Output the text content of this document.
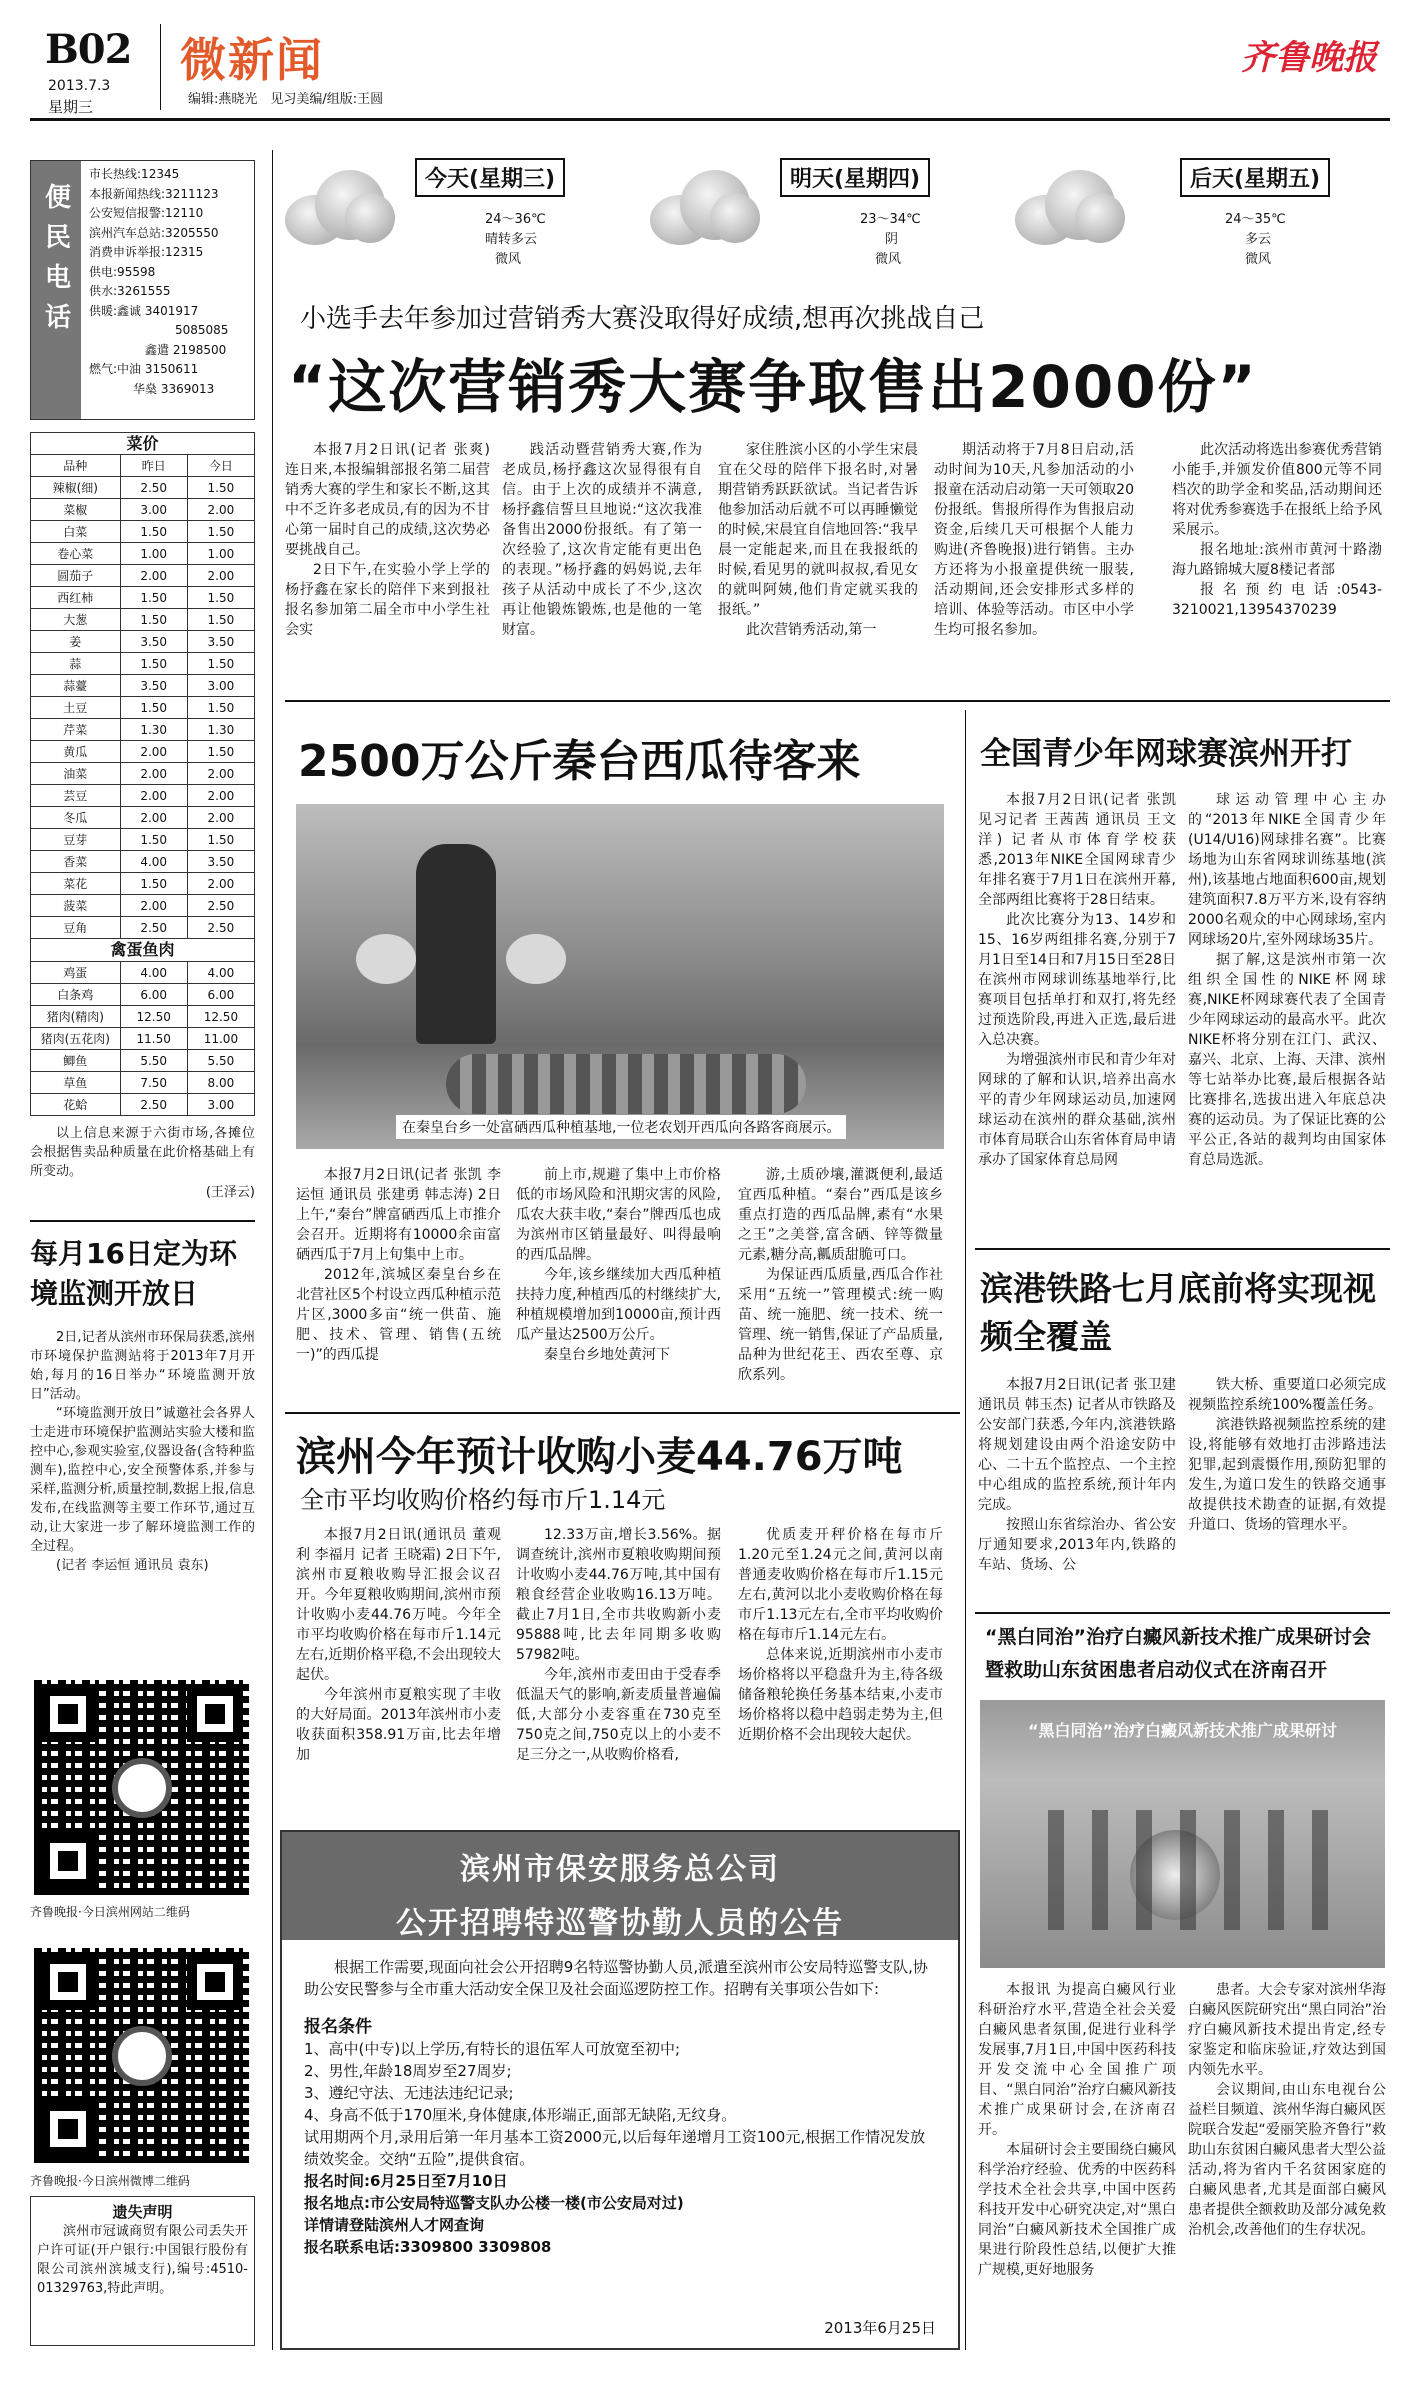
B02
2013.7.3
星期三
微新闻
编辑:燕晓光　见习美编/组版:王圆
齐鲁晚报
便民电话
市长热线:12345
本报新闻热线:3211123
公安短信报警:12110
滨州汽车总站:3205550
消费申诉举报:12315
供电:95598
供水:3261555
供暖:鑫诚 3401917
5085085
鑫遣 2198500
燃气:中油 3150611
华燊 3369013
菜价
品种	昨日	今日
辣椒(细)	2.50	1.50
菜椒	3.00	2.00
白菜	1.50	1.50
卷心菜	1.00	1.00
圆茄子	2.00	2.00
西红柿	1.50	1.50
大葱	1.50	1.50
姜	3.50	3.50
蒜	1.50	1.50
蒜薹	3.50	3.00
土豆	1.50	1.50
芹菜	1.30	1.30
黄瓜	2.00	1.50
油菜	2.00	2.00
芸豆	2.00	2.00
冬瓜	2.00	2.00
豆芽	1.50	1.50
香菜	4.00	3.50
菜花	1.50	2.00
菠菜	2.00	2.50
豆角	2.50	2.50
禽蛋鱼肉
鸡蛋	4.00	4.00
白条鸡	6.00	6.00
猪肉(精肉)	12.50	12.50
猪肉(五花肉)	11.50	11.00
鲫鱼	5.50	5.50
草鱼	7.50	8.00
花蛤	2.50	3.00
以上信息来源于六街市场,各摊位会根据售卖品种质量在此价格基础上有所变动。
(王泽云)
每月16日定为环境监测开放日

2日,记者从滨州市环保局获悉,滨州市环境保护监测站将于2013年7月开始,每月的16日举办“环境监测开放日”活动。

“环境监测开放日”诚邀社会各界人士走进市环境保护监测站实验大楼和监控中心,参观实验室,仪器设备(含特种监测车),监控中心,安全预警体系,并参与采样,监测分析,质量控制,数据上报,信息发布,在线监测等主要工作环节,通过互动,让大家进一步了解环境监测工作的全过程。

(记者 李运恒 通讯员 袁东)

齐鲁晚报·今日滨州网站二维码
齐鲁晚报·今日滨州微博二维码
遗失声明
滨州市冠诚商贸有限公司丢失开户许可证(开户银行:中国银行股份有限公司滨州滨城支行),编号:4510-01329763,特此声明。
今天(星期三)
24～36℃
晴转多云
微风
明天(星期四)
23～34℃
阴
微风
后天(星期五)
24～35℃
多云
微风
小选手去年参加过营销秀大赛没取得好成绩,想再次挑战自己
“这次营销秀大赛争取售出2000份”

本报7月2日讯(记者 张爽) 连日来,本报编辑部报名第二届营销秀大赛的学生和家长不断,这其中不乏许多老成员,有的因为不甘心第一届时自己的成绩,这次势必要挑战自己。

2日下午,在实验小学上学的杨抒鑫在家长的陪伴下来到报社报名参加第二届全市中小学生社会实

践活动暨营销秀大赛,作为老成员,杨抒鑫这次显得很有自信。由于上次的成绩并不满意,杨抒鑫信誓旦旦地说:“这次我准备售出2000份报纸。有了第一次经验了,这次肯定能有更出色的表现。”杨抒鑫的妈妈说,去年孩子从活动中成长了不少,这次再让他锻炼锻炼,也是他的一笔财富。

家住胜滨小区的小学生宋晨宜在父母的陪伴下报名时,对暑期营销秀跃跃欲试。当记者告诉他参加活动后就不可以再睡懒觉的时候,宋晨宜自信地回答:“我早晨一定能起来,而且在我报纸的时候,看见男的就叫叔叔,看见女的就叫阿姨,他们肯定就买我的报纸。”

此次营销秀活动,第一

期活动将于7月8日启动,活动时间为10天,凡参加活动的小报童在活动启动第一天可领取20份报纸。售报所得作为售报启动资金,后续几天可根据个人能力购进(齐鲁晚报)进行销售。主办方还将为小报童提供统一服装,活动期间,还会安排形式多样的培训、体验等活动。市区中小学生均可报名参加。

此次活动将选出参赛优秀营销小能手,并颁发价值800元等不同档次的助学金和奖品,活动期间还将对优秀参赛选手在报纸上给予风采展示。

报名地址:滨州市黄河十路渤海九路锦城大厦8楼记者部

报名预约电话:0543-3210021,13954370239

2500万公斤秦台西瓜待客来
在秦皇台乡一处富硒西瓜种植基地,一位老农划开西瓜向各路客商展示。

本报7月2日讯(记者 张凯 李运恒 通讯员 张建勇 韩志涛) 2日上午,“秦台”牌富硒西瓜上市推介会召开。近期将有10000余亩富硒西瓜于7月上旬集中上市。

2012年,滨城区秦皇台乡在北营社区5个村设立西瓜种植示范片区,3000多亩“统一供苗、施肥、技术、管理、销售(五统一)”的西瓜提

前上市,规避了集中上市价格低的市场风险和汛期灾害的风险,瓜农大获丰收,“秦台”牌西瓜也成为滨州市区销量最好、叫得最响的西瓜品牌。

今年,该乡继续加大西瓜种植扶持力度,种植西瓜的村继续扩大,种植规模增加到10000亩,预计西瓜产量达2500万公斤。

秦皇台乡地处黄河下

游,土质砂壤,灌溉便利,最适宜西瓜种植。“秦台”西瓜是该乡重点打造的西瓜品牌,素有“水果之王”之美誉,富含硒、锌等微量元素,糖分高,瓤质甜脆可口。

为保证西瓜质量,西瓜合作社采用“五统一”管理模式:统一购苗、统一施肥、统一技术、统一管理、统一销售,保证了产品质量,品种为世纪花王、西农至尊、京欣系列。

滨州今年预计收购小麦44.76万吨
全市平均收购价格约每市斤1.14元

本报7月2日讯(通讯员 董观利 李福月 记者 王晓霜) 2日下午,滨州市夏粮收购导汇报会议召开。今年夏粮收购期间,滨州市预计收购小麦44.76万吨。今年全市平均收购价格在每市斤1.14元左右,近期价格平稳,不会出现较大起伏。

今年滨州市夏粮实现了丰收的大好局面。2013年滨州市小麦收获面积358.91万亩,比去年增加

12.33万亩,增长3.56%。据调查统计,滨州市夏粮收购期间预计收购小麦44.76万吨,其中国有粮食经营企业收购16.13万吨。截止7月1日,全市共收购新小麦95888吨,比去年同期多收购57982吨。

今年,滨州市麦田由于受春季低温天气的影响,新麦质量普遍偏低,大部分小麦容重在730克至750克之间,750克以上的小麦不足三分之一,从收购价格看,

优质麦开秤价格在每市斤1.20元至1.24元之间,黄河以南普通麦收购价格在每市斤1.15元左右,黄河以北小麦收购价格在每市斤1.13元左右,全市平均收购价格在每市斤1.14元左右。

总体来说,近期滨州市小麦市场价格将以平稳盘升为主,待各级储备粮轮换任务基本结束,小麦市场价格将以稳中趋弱走势为主,但近期价格不会出现较大起伏。

滨州市保安服务总公司
公开招聘特巡警协勤人员的公告
根据工作需要,现面向社会公开招聘9名特巡警协勤人员,派遣至滨州市公安局特巡警支队,协助公安民警参与全市重大活动安全保卫及社会面巡逻防控工作。招聘有关事项公告如下:
报名条件
1、高中(中专)以上学历,有特长的退伍军人可放宽至初中;
2、男性,年龄18周岁至27周岁;
3、遵纪守法、无违法违纪记录;
4、身高不低于170厘米,身体健康,体形端正,面部无缺陷,无纹身。
试用期两个月,录用后第一年月基本工资2000元,以后每年递增月工资100元,根据工作情况发放绩效奖金。交纳“五险”,提供食宿。
报名时间:6月25日至7月10日
报名地点:市公安局特巡警支队办公楼一楼(市公安局对过)
详情请登陆滨州人才网查询
报名联系电话:3309800 3309808
2013年6月25日
全国青少年网球赛滨州开打

本报7月2日讯(记者 张凯 见习记者 王茜茜 通讯员 王文洋) 记者从市体育学校获悉,2013年NIKE全国网球青少年排名赛于7月1日在滨州开幕,全部两组比赛将于28日结束。

此次比赛分为13、14岁和15、16岁两组排名赛,分别于7月1日至14日和7月15日至28日在滨州市网球训练基地举行,比赛项目包括单打和双打,将先经过预选阶段,再进入正选,最后进入总决赛。

为增强滨州市民和青少年对网球的了解和认识,培养出高水平的青少年网球运动员,加速网球运动在滨州的群众基础,滨州市体育局联合山东省体育局申请承办了国家体育总局网

球运动管理中心主办的“2013年NIKE全国青少年(U14/U16)网球排名赛”。比赛场地为山东省网球训练基地(滨州),该基地占地面积600亩,规划建筑面积7.8万平方米,设有容纳2000名观众的中心网球场,室内网球场20片,室外网球场35片。

据了解,这是滨州市第一次组织全国性的NIKE杯网球赛,NIKE杯网球赛代表了全国青少年网球运动的最高水平。此次NIKE杯将分别在江门、武汉、嘉兴、北京、上海、天津、滨州等七站举办比赛,最后根据各站比赛排名,选拔出进入年底总决赛的运动员。为了保证比赛的公平公正,各站的裁判均由国家体育总局选派。

滨港铁路七月底前将实现视频全覆盖

本报7月2日讯(记者 张卫建 通讯员 韩玉杰) 记者从市铁路及公安部门获悉,今年内,滨港铁路将规划建设由两个沿途安防中心、二十五个监控点、一个主控中心组成的监控系统,预计年内完成。

按照山东省综治办、省公安厅通知要求,2013年内,铁路的车站、货场、公

铁大桥、重要道口必须完成视频监控系统100%覆盖任务。

滨港铁路视频监控系统的建设,将能够有效地打击涉路违法犯罪,起到震慑作用,预防犯罪的发生,为道口发生的铁路交通事故提供技术勘查的证据,有效提升道口、货场的管理水平。

“黑白同治”治疗白癜风新技术推广成果研讨会
暨救助山东贫困患者启动仪式在济南召开
“黑白同治”治疗白癜风新技术推广成果研讨

本报讯 为提高白癜风行业科研治疗水平,营造全社会关爱白癜风患者氛围,促进行业科学发展事,7月1日,中国中医药科技开发交流中心全国推广项目、“黑白同治”治疗白癜风新技术推广成果研讨会,在济南召开。

本届研讨会主要围绕白癜风科学治疗经验、优秀的中医药科学技术全社会共享,中国中医药科技开发中心研究决定,对“黑白同治”白癜风新技术全国推广成果进行阶段性总结,以便扩大推广规模,更好地服务

患者。大会专家对滨州华海白癜风医院研究出“黑白同治”治疗白癜风新技术提出肯定,经专家鉴定和临床验证,疗效达到国内领先水平。

会议期间,由山东电视台公益栏目频道、滨州华海白癜风医院联合发起“爱丽笑脸齐鲁行”救助山东贫困白癜风患者大型公益活动,将为省内千名贫困家庭的白癜风患者,尤其是面部白癜风患者提供全额救助及部分减免救治机会,改善他们的生存状况。
